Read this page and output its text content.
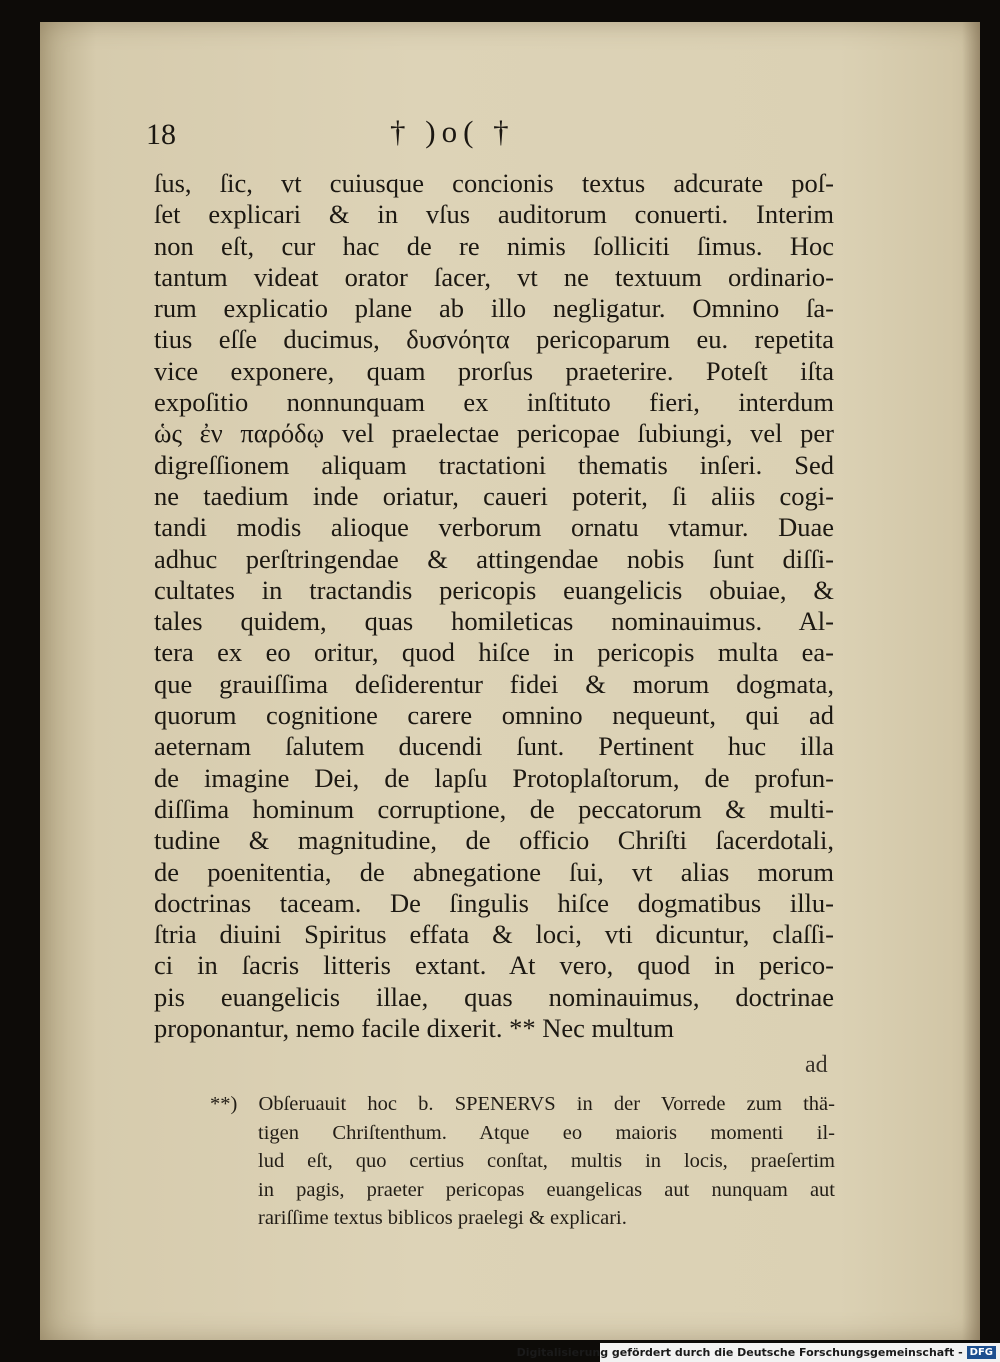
18	† )o( †
ſus, ſic, vt cuiusque concionis textus adcurate poſ-
ſet explicari & in vſus auditorum conuerti. Interim
non eſt, cur hac de re nimis ſolliciti ſimus. Hoc
tantum videat orator ſacer, vt ne textuum ordinario-
rum explicatio plane ab illo negligatur. Omnino ſa-
tius eſſe ducimus, δυσνόητα pericoparum eu. repetita
vice exponere, quam prorſus praeterire. Poteſt iſta
expoſitio nonnunquam ex inſtituto fieri, interdum
ὡς ἐν παρόδῳ vel praelectae pericopae ſubiungi, vel per
digreſſionem aliquam tractationi thematis inſeri. Sed
ne taedium inde oriatur, caueri poterit, ſi aliis cogi-
tandi modis alioque verborum ornatu vtamur. Duae
adhuc perſtringendae & attingendae nobis ſunt diſſi-
cultates in tractandis pericopis euangelicis obuiae, &
tales quidem, quas homileticas nominauimus. Al-
tera ex eo oritur, quod hiſce in pericopis multa ea-
que grauiſſima deſiderentur fidei & morum dogmata,
quorum cognitione carere omnino nequeunt, qui ad
aeternam ſalutem ducendi ſunt. Pertinent huc illa
de imagine Dei, de lapſu Protoplaſtorum, de profun-
diſſima hominum corruptione, de peccatorum & multi-
tudine & magnitudine, de officio Chriſti ſacerdotali,
de poenitentia, de abnegatione ſui, vt alias morum
doctrinas taceam. De ſingulis hiſce dogmatibus illu-
ſtria diuini Spiritus effata & loci, vti dicuntur, claſſi-
ci in ſacris litteris extant. At vero, quod in perico-
pis euangelicis illae, quas nominauimus, doctrinae
proponantur, nemo facile dixerit. ** Nec multum
ad
**) Obſeruauit hoc b. SPENERVS in der Vorrede zum thä-
tigen Chriſtenthum. Atque eo maioris momenti il-
lud eſt, quo certius conſtat, multis in locis, praeſertim
in pagis, praeter pericopas euangelicas aut nunquam aut
rariſſime textus biblicos praelegi & explicari.
Digitalisierung gefördert durch die Deutsche Forschungsgemeinschaft - DFG
